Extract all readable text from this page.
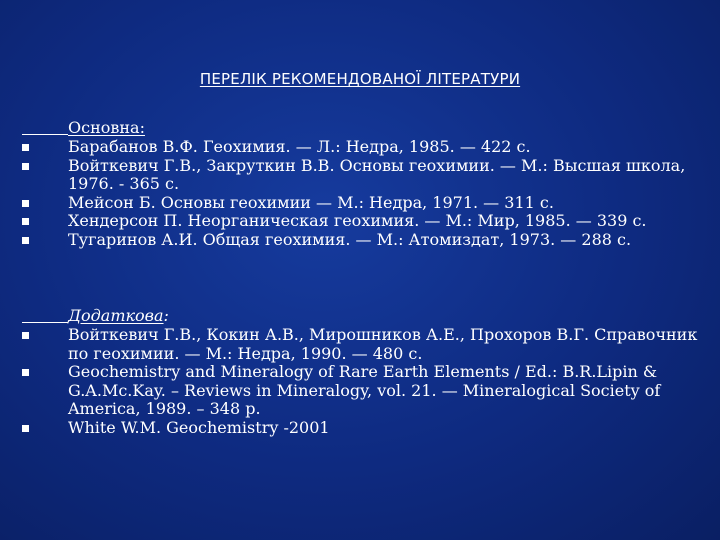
ПЕРЕЛІК РЕКОМЕНДОВАНОЇ ЛІТЕРАТУРИ
Основна:
Барабанов В.Ф. Геохимия. — Л.: Недра, 1985. — 422 с.
Войткевич Г.В., Закруткин В.В. Основы геохимии. — М.: Высшая школа, 1976. - 365 с.
Мейсон Б. Основы геохимии — М.: Недра, 1971. — 311 с.
Хендерсон П. Неорганическая геохимия. — М.: Мир, 1985. — 339 с.
Тугаринов А.И. Общая геохимия. — М.: Атомиздат, 1973. — 288 с.
Додаткова:
Войткевич Г.В., Кокин А.В., Мирошников А.Е., Прохоров В.Г. Справочник по геохимии. — М.: Недра, 1990. — 480 с.
Geochemistry and Mineralogy of Rare Earth Elements / Ed.: B.R.Lipin & G.A.Mc.Kay. – Reviews in Mineralogy, vol. 21. — Mineralogical Society of America, 1989. – 348 p.
White W.M. Geochemistry -2001
